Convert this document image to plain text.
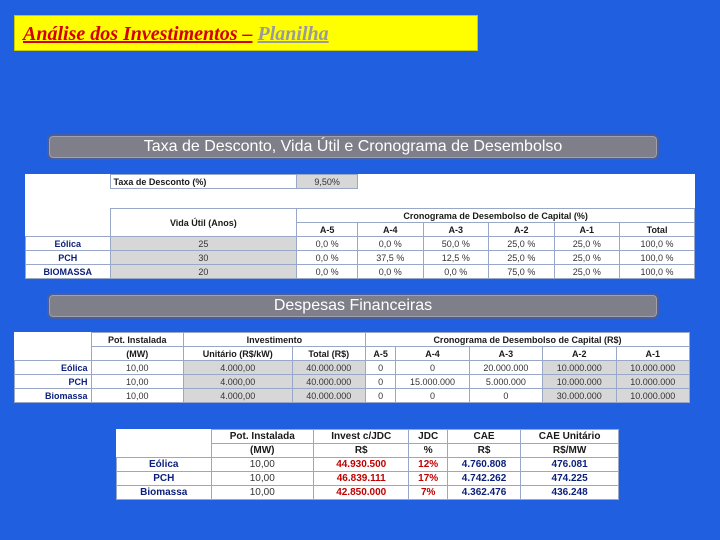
Análise dos Investimentos – Planilha
Taxa de Desconto, Vida Útil e Cronograma de Desembolso
	Taxa de Desconto (%)	9,50%					

	Vida Útil (Anos)	Cronograma de Desembolso de Capital (%)					
		A-5	A-4	A-3	A-2	A-1	Total
Eólica	25	0,0 %	0,0 %	50,0 %	25,0 %	25,0 %	100,0 %
PCH	30	0,0 %	37,5 %	12,5 %	25,0 %	25,0 %	100,0 %
BIOMASSA	20	0,0 %	0,0 %	0,0 %	75,0 %	25,0 %	100,0 %
Despesas Financeiras
	Pot. Instalada	Investimento		Cronograma de Desembolso de Capital (R$)				
	(MW)	Unitário (R$/kW)	Total (R$)	A-5	A-4	A-3	A-2	A-1
Eólica	10,00	4.000,00	40.000.000	0	0	20.000.000	10.000.000	10.000.000
PCH	10,00	4.000,00	40.000.000	0	15.000.000	5.000.000	10.000.000	10.000.000
Biomassa	10,00	4.000,00	40.000.000	0	0	0	30.000.000	10.000.000
	Pot. Instalada	Invest c/JDC	JDC	CAE	CAE Unitário
	(MW)	R$	%	R$	R$/MW
Eólica	10,00	44.930.500	12%	4.760.808	476.081
PCH	10,00	46.839.111	17%	4.742.262	474.225
Biomassa	10,00	42.850.000	7%	4.362.476	436.248
